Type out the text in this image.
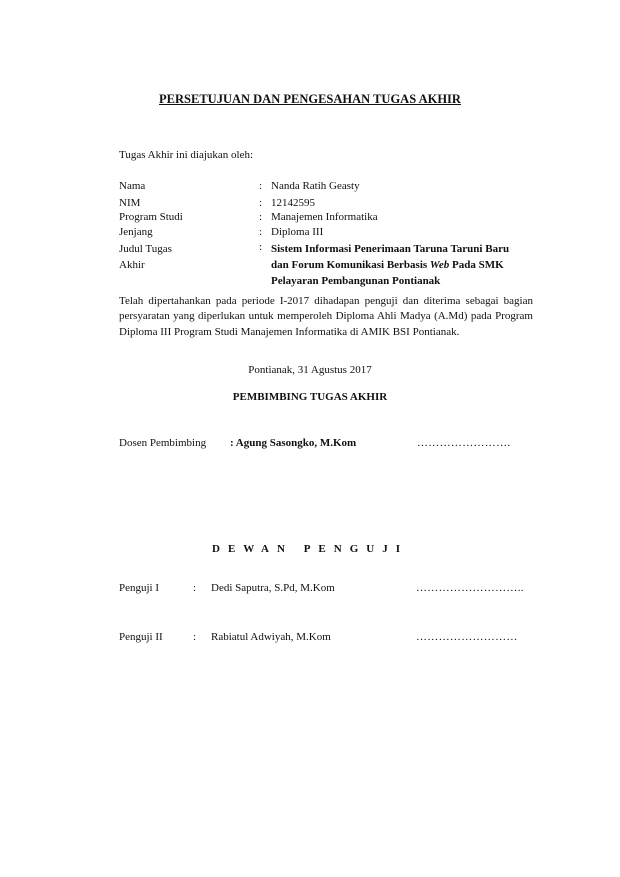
PERSETUJUAN DAN PENGESAHAN TUGAS AKHIR
Tugas Akhir ini diajukan oleh:
Nama	: Nanda Ratih Geasty
NIM	: 12142595
Program Studi	: Manajemen Informatika
Jenjang	: Diploma III
Judul Tugas
Akhir
: Sistem Informasi Penerimaan Taruna Taruni Baru
dan Forum Komunikasi Berbasis Web Pada SMK
Pelayaran Pembangunan Pontianak
Telah dipertahankan pada periode I-2017 dihadapan penguji dan diterima sebagai bagian persyaratan yang diperlukan untuk memperoleh Diploma Ahli Madya (A.Md) pada Program Diploma III Program Studi Manajemen Informatika di AMIK BSI Pontianak.
Pontianak, 31 Agustus 2017
PEMBIMBING TUGAS AKHIR
Dosen Pembimbing : Agung Sasongko, M.Kom	…………………….
DEWAN PENGUJI
Penguji I	: Dedi Saputra, S.Pd, M.Kom	………………………..
Penguji II	: Rabiatul Adwiyah, M.Kom	………………………
